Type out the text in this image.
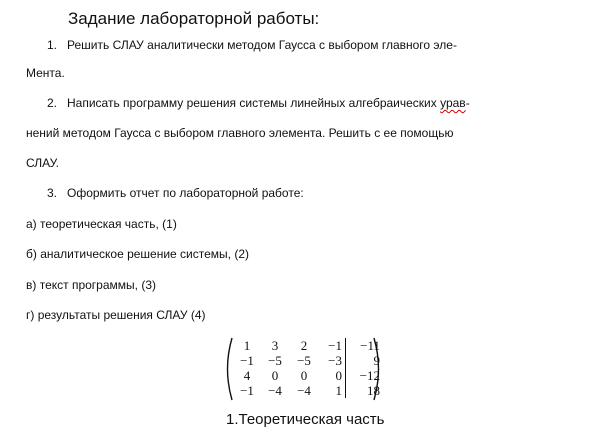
Задание лабораторной работы:
1. Решить СЛАУ аналитически методом Гаусса с выбором главного эле-
Мента.
2. Написать программу решения системы линейных алгебраических урав-
нений методом Гаусса с выбором главного элемента. Решить с ее помощью
СЛАУ.
3. Оформить отчет по лабораторной работе:
а) теоретическая часть, (1)
б) аналитическое решение системы, (2)
в) текст программы, (3)
г) результаты решения СЛАУ (4)
1	3	2	−1	−11
−1	−5	−5	−3	9
4	0	0	0	−12
−1	−4	−4	1	18
1.Теоретическая часть
